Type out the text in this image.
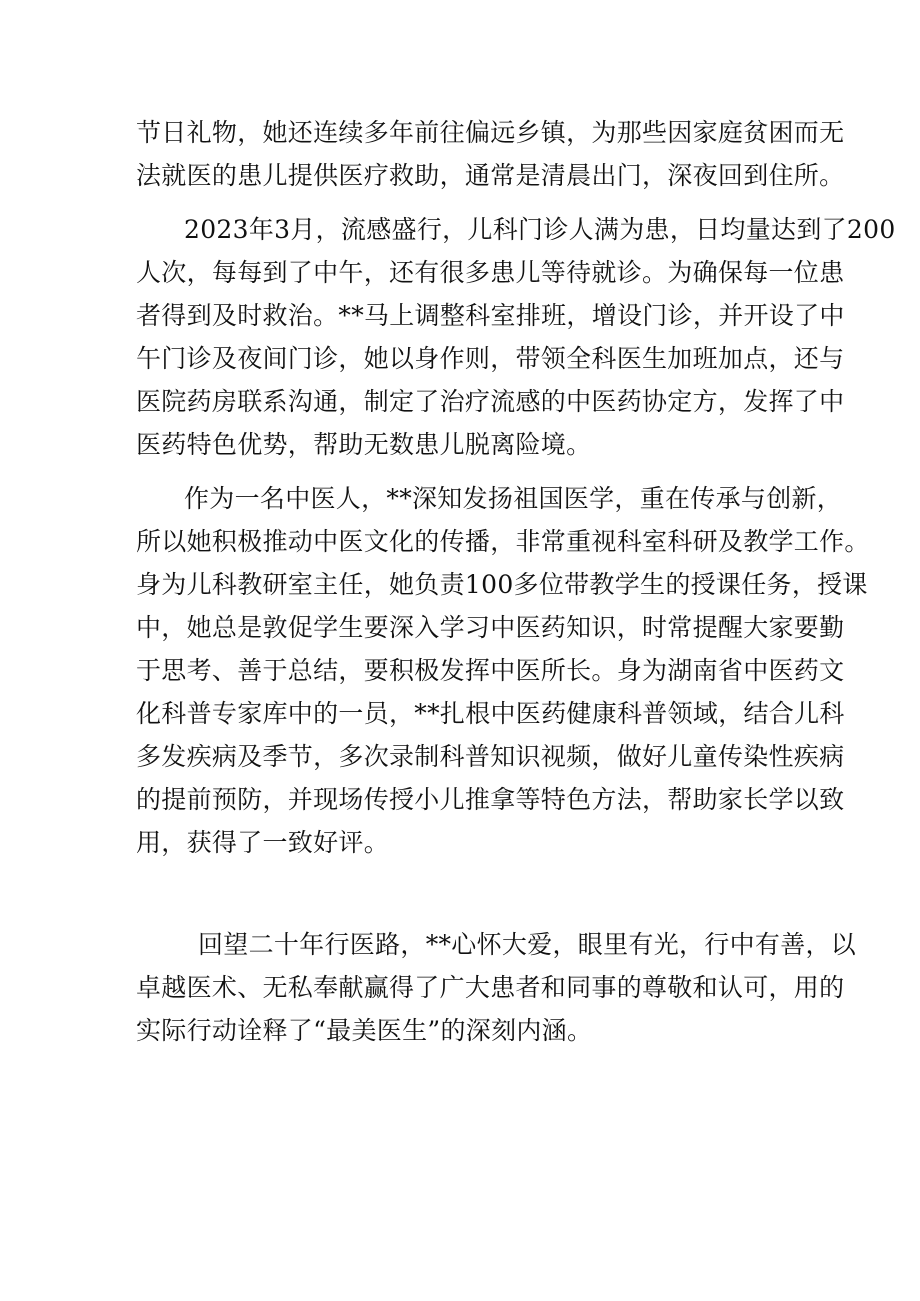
节日礼物，她还连续多年前往偏远乡镇，为那些因家庭贫困而无
法就医的患儿提供医疗救助，通常是清晨出门，深夜回到住所。
2023年3月，流感盛行，儿科门诊人满为患，日均量达到了200
人次，每每到了中午，还有很多患儿等待就诊。为确保每一位患
者得到及时救治。**马上调整科室排班，增设门诊，并开设了中
午门诊及夜间门诊，她以身作则，带领全科医生加班加点，还与
医院药房联系沟通，制定了治疗流感的中医药协定方，发挥了中
医药特色优势，帮助无数患儿脱离险境。
作为一名中医人，**深知发扬祖国医学，重在传承与创新，
所以她积极推动中医文化的传播，非常重视科室科研及教学工作。
身为儿科教研室主任，她负责100多位带教学生的授课任务，授课
中，她总是敦促学生要深入学习中医药知识，时常提醒大家要勤
于思考、善于总结，要积极发挥中医所长。身为湖南省中医药文
化科普专家库中的一员，**扎根中医药健康科普领域，结合儿科
多发疾病及季节，多次录制科普知识视频，做好儿童传染性疾病
的提前预防，并现场传授小儿推拿等特色方法，帮助家长学以致
用，获得了一致好评。
回望二十年行医路，**心怀大爱，眼里有光，行中有善，以
卓越医术、无私奉献赢得了广大患者和同事的尊敬和认可，用的
实际行动诠释了“最美医生”的深刻内涵。
